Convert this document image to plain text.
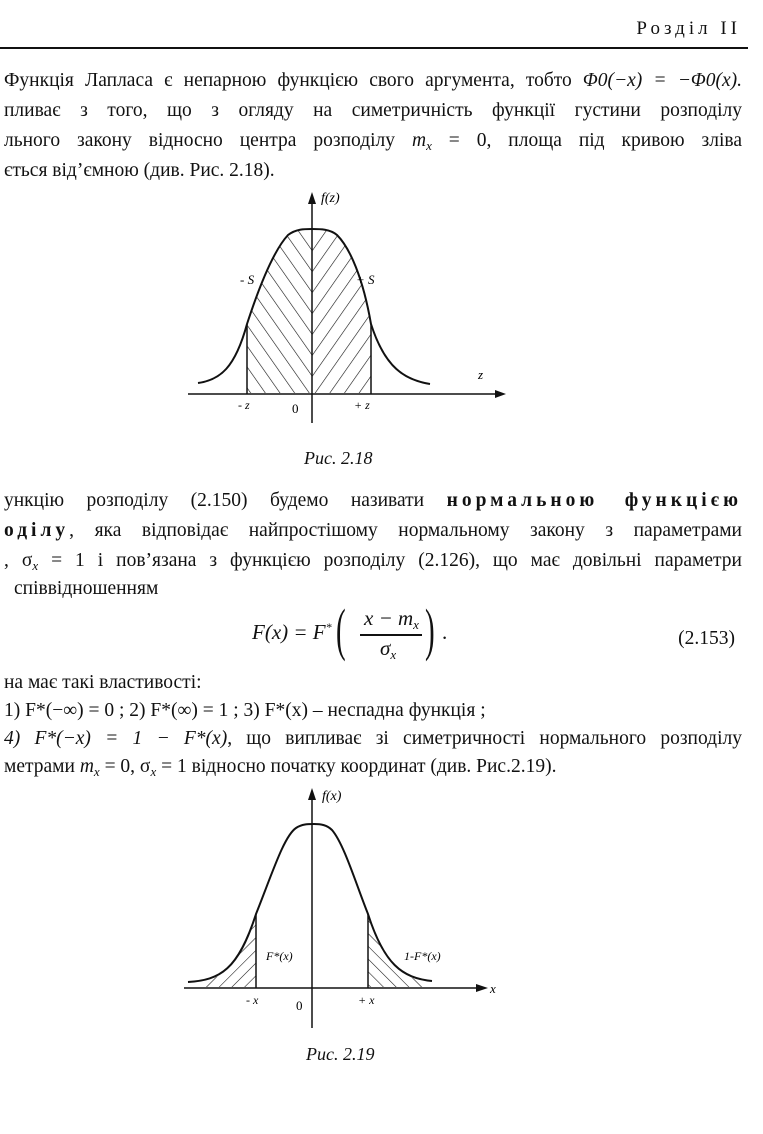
Розділ II
Функція Лапласа є непарною функцією свого аргумента, тобто Φ0(−x) = −Φ0(x).
пливає з того, що з огляду на симетричність функції густини розподілу
льного закону відносно центра розподілу $m_x = 0$, площа під кривою зліва
ється від’ємною (див. Рис. 2.18).
f(z)
z
- S	+ S
- z	0	+ z
Рис. 2.18
ункцію розподілу (2.150) будемо називати нормальною функцією
оділу, яка відповідає найпростішому нормальному закону з параметрами
, $\sigma_x = 1$ і пов’язана з функцією розподілу (2.126), що має довільні параметри
співвідношенням
F(x) = F* ( $x - m_x$
$\sigma_x$ ) .	(2.153)
на має такі властивості:
1) F*(−∞) = 0 ; 2) F*(∞) = 1 ; 3) F*(x) – неспадна функція ;
4) F*(−x) = 1 − F*(x), що випливає зі симетричності нормального розподілу
метрами $m_x = 0$, $\sigma_x = 1$ відносно початку координат (див. Рис.2.19).
f(x)
x
F*(x)	1-F*(x)
- x	0	+ x
Рис. 2.19
